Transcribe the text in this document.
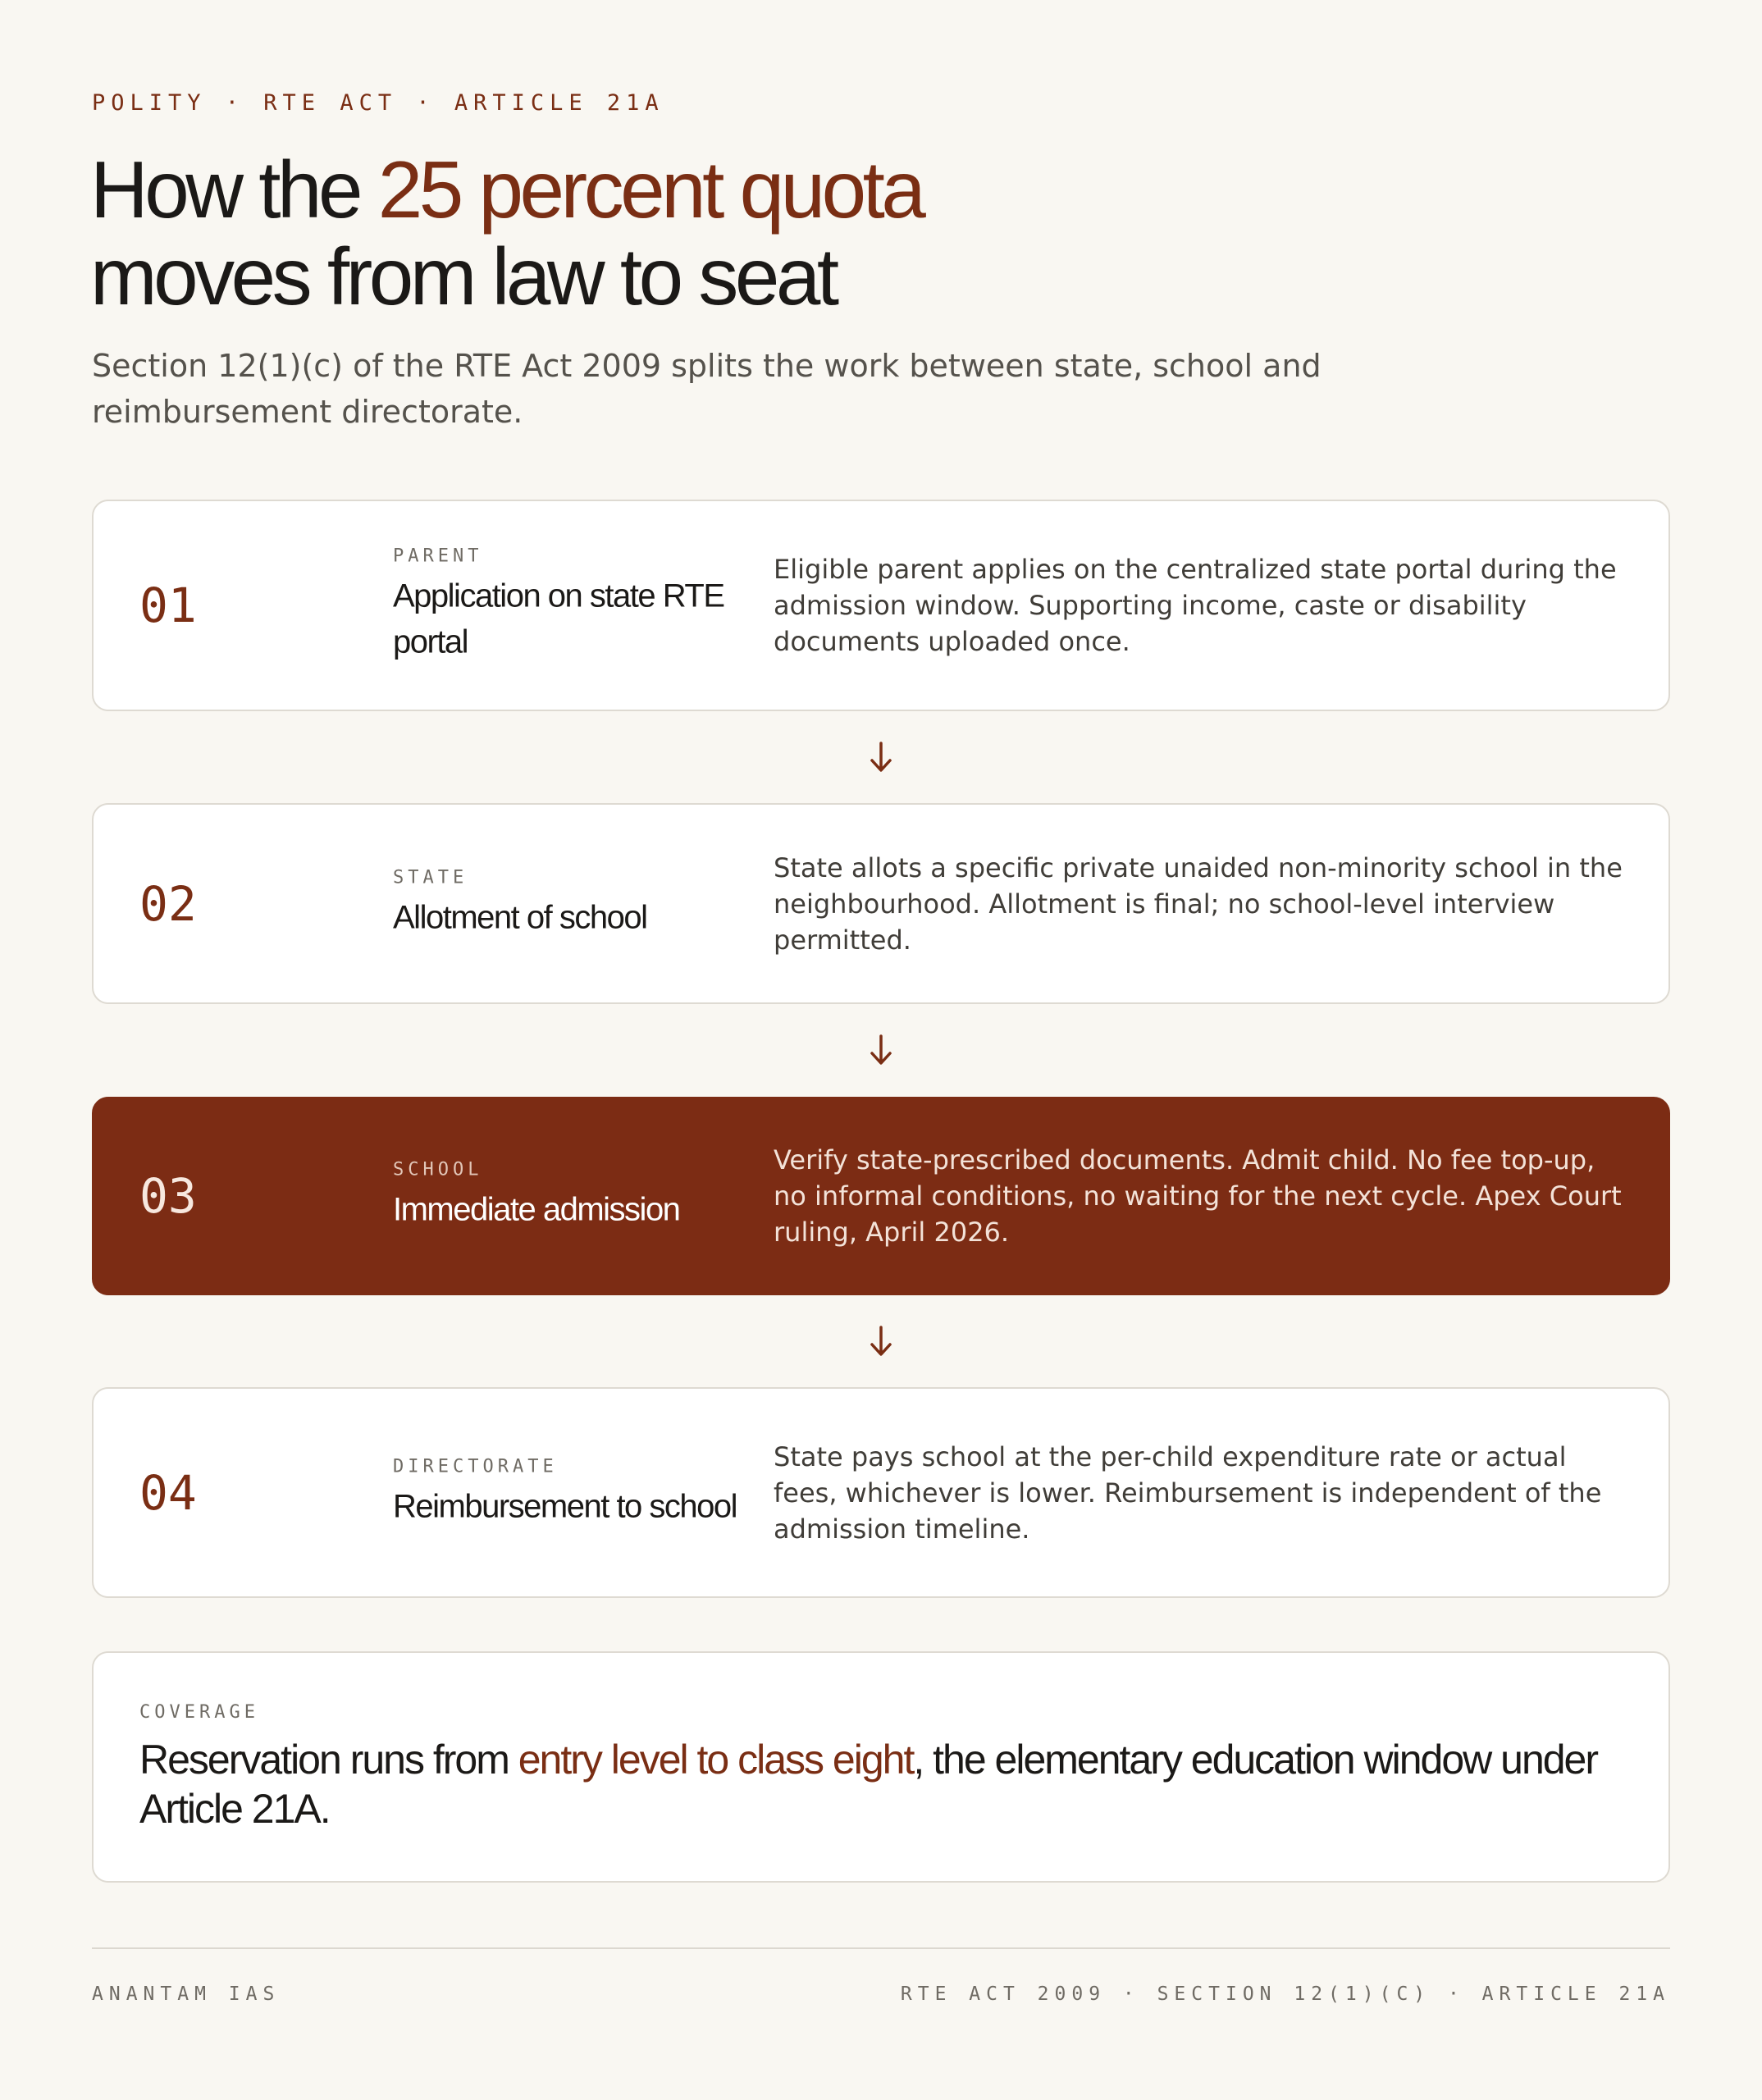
POLITY · RTE ACT · ARTICLE 21A
How the 25 percent quota
moves from law to seat
Section 12(1)(c) of the RTE Act 2009 splits the work between state, school and reimbursement directorate.
01
PARENT
Application on state RTE portal
Eligible parent applies on the centralized state portal during the admission window. Supporting income, caste or disability documents uploaded once.
02	STATE
Allotment of school
State allots a specific private unaided non-minority school in the neighbourhood. Allotment is final; no school-level interview permitted.
03	SCHOOL
Immediate admission
Verify state-prescribed documents. Admit child. No fee top-up, no informal conditions, no waiting for the next cycle. Apex Court ruling, April 2026.
04	DIRECTORATE
Reimbursement to school
State pays school at the per-child expenditure rate or actual fees, whichever is lower. Reimbursement is independent of the admission timeline.
COVERAGE
Reservation runs from entry level to class eight, the elementary education window under Article 21A.
ANANTAM IAS	RTE ACT 2009 · SECTION 12(1)(C) · ARTICLE 21A
